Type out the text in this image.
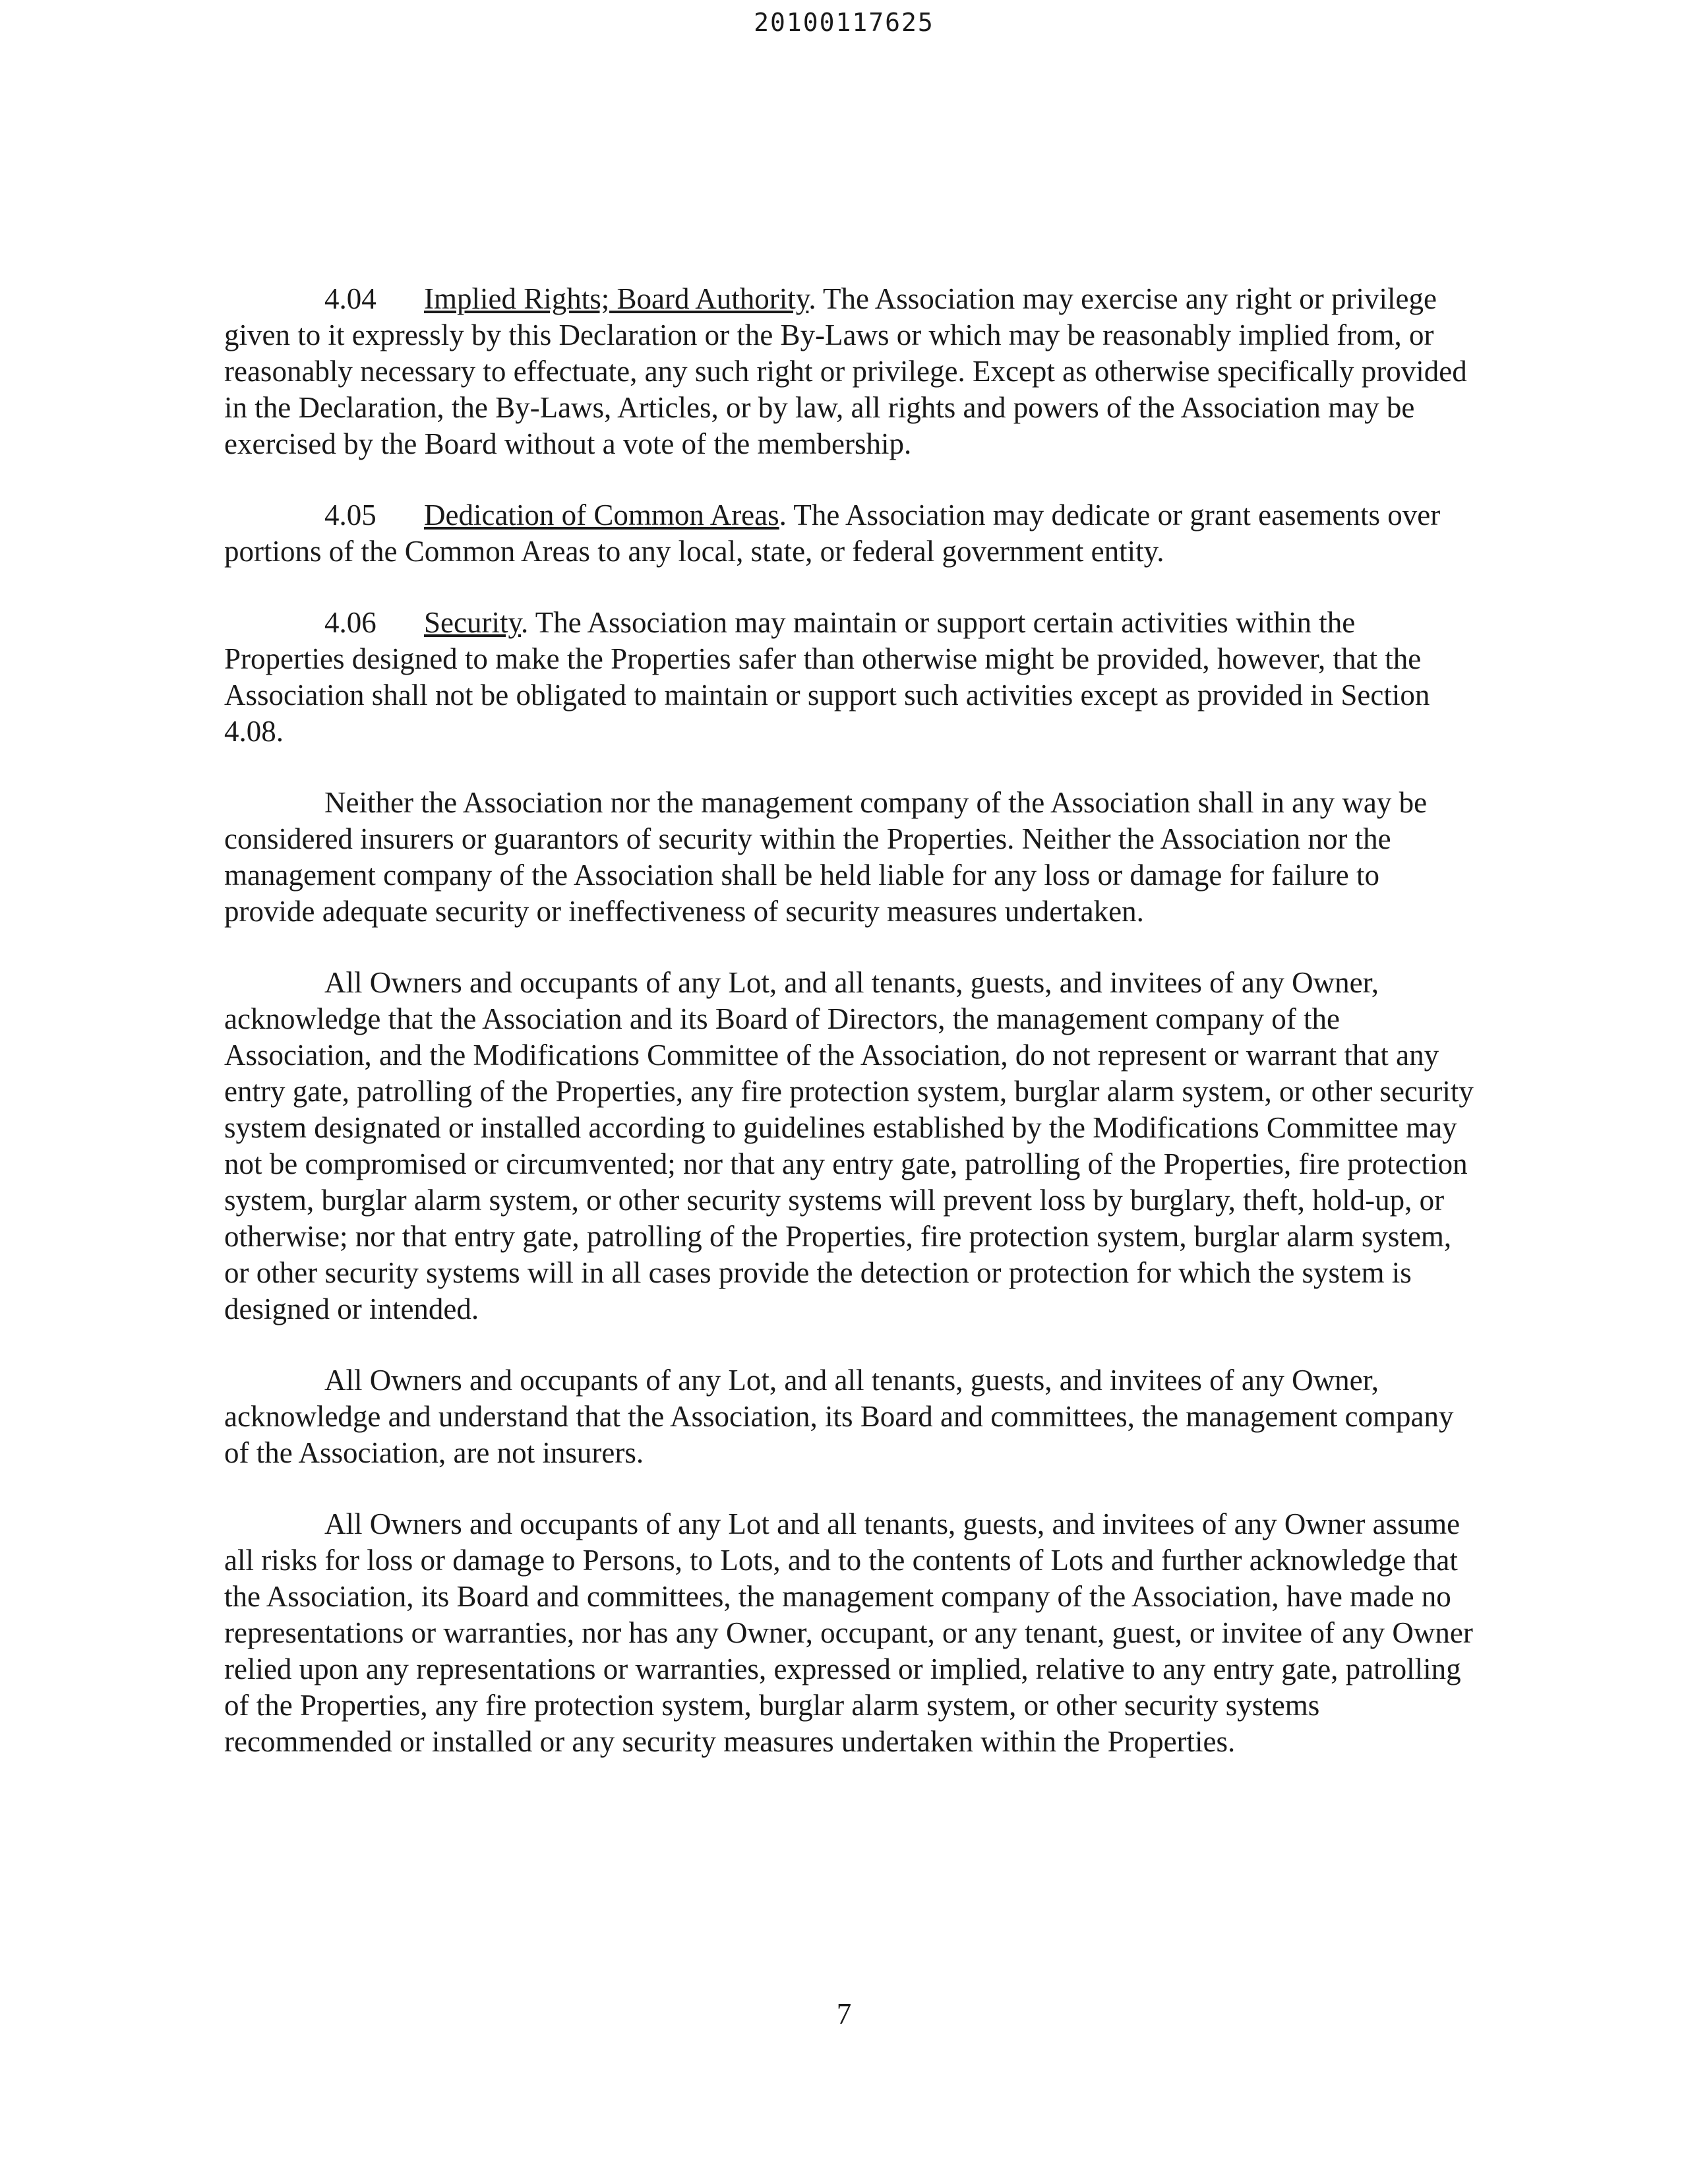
20100117625

4.04 Implied Rights; Board Authority. The Association may exercise any right or privilege given to it expressly by this Declaration or the By-Laws or which may be reasonably implied from, or reasonably necessary to effectuate, any such right or privilege. Except as otherwise specifically provided in the Declaration, the By-Laws, Articles, or by law, all rights and powers of the Association may be exercised by the Board without a vote of the membership.

4.05 Dedication of Common Areas. The Association may dedicate or grant easements over portions of the Common Areas to any local, state, or federal government entity.

4.06 Security. The Association may maintain or support certain activities within the Properties designed to make the Properties safer than otherwise might be provided, however, that the Association shall not be obligated to maintain or support such activities except as provided in Section 4.08.

Neither the Association nor the management company of the Association shall in any way be considered insurers or guarantors of security within the Properties. Neither the Association nor the management company of the Association shall be held liable for any loss or damage for failure to provide adequate security or ineffectiveness of security measures undertaken.

All Owners and occupants of any Lot, and all tenants, guests, and invitees of any Owner, acknowledge that the Association and its Board of Directors, the management company of the Association, and the Modifications Committee of the Association, do not represent or warrant that any entry gate, patrolling of the Properties, any fire protection system, burglar alarm system, or other security system designated or installed according to guidelines established by the Modifications Committee may not be compromised or circumvented; nor that any entry gate, patrolling of the Properties, fire protection system, burglar alarm system, or other security systems will prevent loss by burglary, theft, hold-up, or otherwise; nor that entry gate, patrolling of the Properties, fire protection system, burglar alarm system, or other security systems will in all cases provide the detection or protection for which the system is designed or intended.

All Owners and occupants of any Lot, and all tenants, guests, and invitees of any Owner, acknowledge and understand that the Association, its Board and committees, the management company of the Association, are not insurers.

All Owners and occupants of any Lot and all tenants, guests, and invitees of any Owner assume all risks for loss or damage to Persons, to Lots, and to the contents of Lots and further acknowledge that the Association, its Board and committees, the management company of the Association, have made no representations or warranties, nor has any Owner, occupant, or any tenant, guest, or invitee of any Owner relied upon any representations or warranties, expressed or implied, relative to any entry gate, patrolling of the Properties, any fire protection system, burglar alarm system, or other security systems recommended or installed or any security measures undertaken within the Properties.

7
